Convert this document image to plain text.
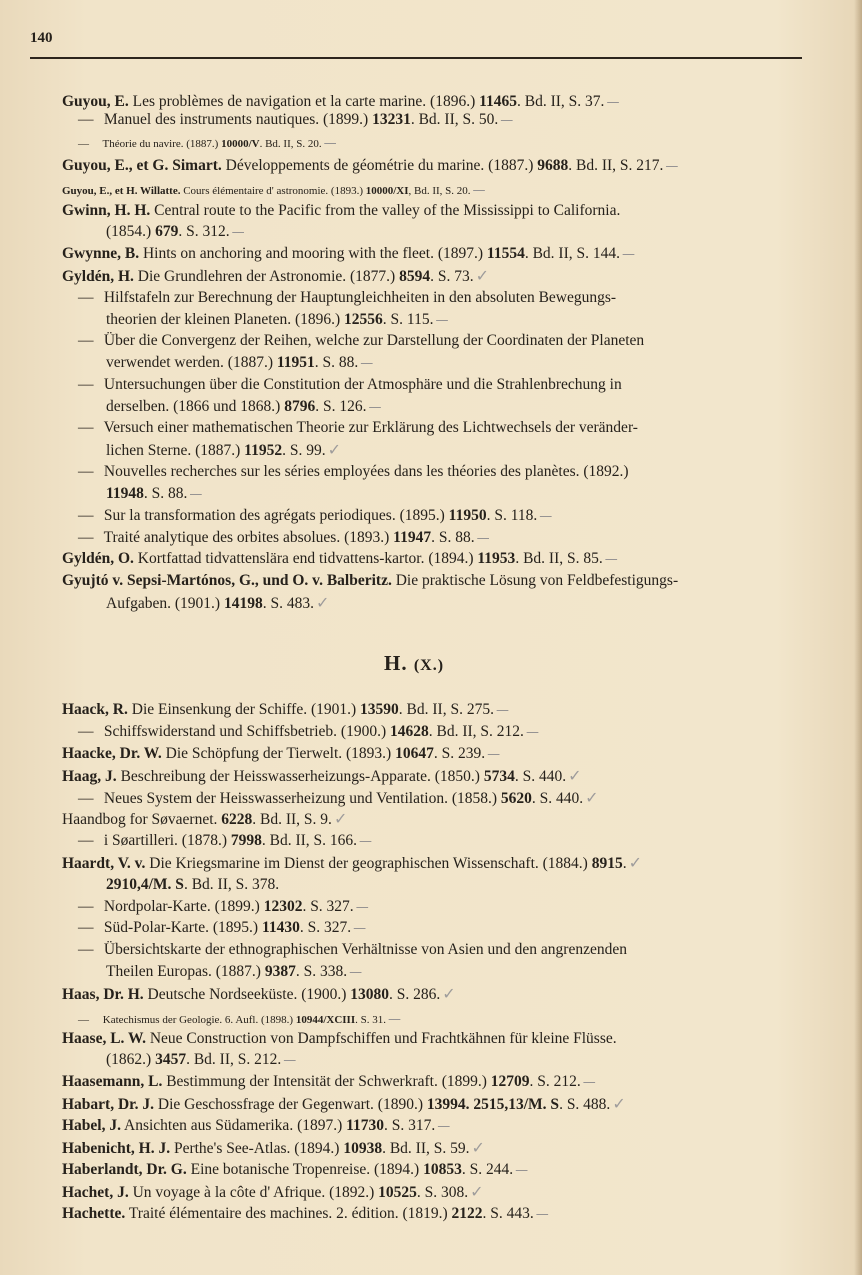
140
H. (X.)
Guyou, E. Les problèmes de navigation et la carte marine. (1896.) 11465. Bd. II, S. 37. —
— Manuel des instruments nautiques. (1899.) 13231. Bd. II, S. 50. —
— Théorie du navire. (1887.) 10000/V. Bd. II, S. 20. —
Guyou, E., et G. Simart. Développements de géométrie du marine. (1887.) 9688. Bd. II, S. 217. —
Guyou, E., et H. Willatte. Cours élémentaire d' astronomie. (1893.) 10000/XI, Bd. II, S. 20. —
Gwinn, H. H. Central route to the Pacific from the valley of the Mississippi to California.
(1854.) 679. S. 312. —
Gwynne, B. Hints on anchoring and mooring with the fleet. (1897.) 11554. Bd. II, S. 144. —
Gyldén, H. Die Grundlehren der Astronomie. (1877.) 8594. S. 73. ✓
— Hilfstafeln zur Berechnung der Hauptungleichheiten in den absoluten Bewegungs-
theorien der kleinen Planeten. (1896.) 12556. S. 115. —
— Über die Convergenz der Reihen, welche zur Darstellung der Coordinaten der Planeten
verwendet werden. (1887.) 11951. S. 88. —
— Untersuchungen über die Constitution der Atmosphäre und die Strahlenbrechung in
derselben. (1866 und 1868.) 8796. S. 126. —
— Versuch einer mathematischen Theorie zur Erklärung des Lichtwechsels der veränder-
lichen Sterne. (1887.) 11952. S. 99. ✓
— Nouvelles recherches sur les séries employées dans les théories des planètes. (1892.)
11948. S. 88. —
— Sur la transformation des agrégats periodiques. (1895.) 11950. S. 118. —
— Traité analytique des orbites absolues. (1893.) 11947. S. 88. —
Gyldén, O. Kortfattad tidvattenslära end tidvattens-kartor. (1894.) 11953. Bd. II, S. 85. —
Gyujtó v. Sepsi-Martónos, G., und O. v. Balberitz. Die praktische Lösung von Feldbefestigungs-
Aufgaben. (1901.) 14198. S. 483. ✓
Haack, R. Die Einsenkung der Schiffe. (1901.) 13590. Bd. II, S. 275. —
— Schiffswiderstand und Schiffsbetrieb. (1900.) 14628. Bd. II, S. 212. —
Haacke, Dr. W. Die Schöpfung der Tierwelt. (1893.) 10647. S. 239. —
Haag, J. Beschreibung der Heisswasserheizungs-Apparate. (1850.) 5734. S. 440. ✓
— Neues System der Heisswasserheizung und Ventilation. (1858.) 5620. S. 440. ✓
Haandbog for Søvaernet. 6228. Bd. II, S. 9. ✓
— i Søartilleri. (1878.) 7998. Bd. II, S. 166. —
Haardt, V. v. Die Kriegsmarine im Dienst der geographischen Wissenschaft. (1884.) 8915. ✓
2910,4/M. S. Bd. II, S. 378.
— Nordpolar-Karte. (1899.) 12302. S. 327. —
— Süd-Polar-Karte. (1895.) 11430. S. 327. —
— Übersichtskarte der ethnographischen Verhältnisse von Asien und den angrenzenden
Theilen Europas. (1887.) 9387. S. 338. —
Haas, Dr. H. Deutsche Nordseeküste. (1900.) 13080. S. 286. ✓
— Katechismus der Geologie. 6. Aufl. (1898.) 10944/XCIII. S. 31. —
Haase, L. W. Neue Construction von Dampfschiffen und Frachtkähnen für kleine Flüsse.
(1862.) 3457. Bd. II, S. 212. —
Haasemann, L. Bestimmung der Intensität der Schwerkraft. (1899.) 12709. S. 212. —
Habart, Dr. J. Die Geschossfrage der Gegenwart. (1890.) 13994. 2515,13/M. S. S. 488. ✓
Habel, J. Ansichten aus Südamerika. (1897.) 11730. S. 317. —
Habenicht, H. J. Perthe's See-Atlas. (1894.) 10938. Bd. II, S. 59. ✓
Haberlandt, Dr. G. Eine botanische Tropenreise. (1894.) 10853. S. 244. —
Hachet, J. Un voyage à la côte d' Afrique. (1892.) 10525. S. 308. ✓
Hachette. Traité élémentaire des machines. 2. édition. (1819.) 2122. S. 443. —
